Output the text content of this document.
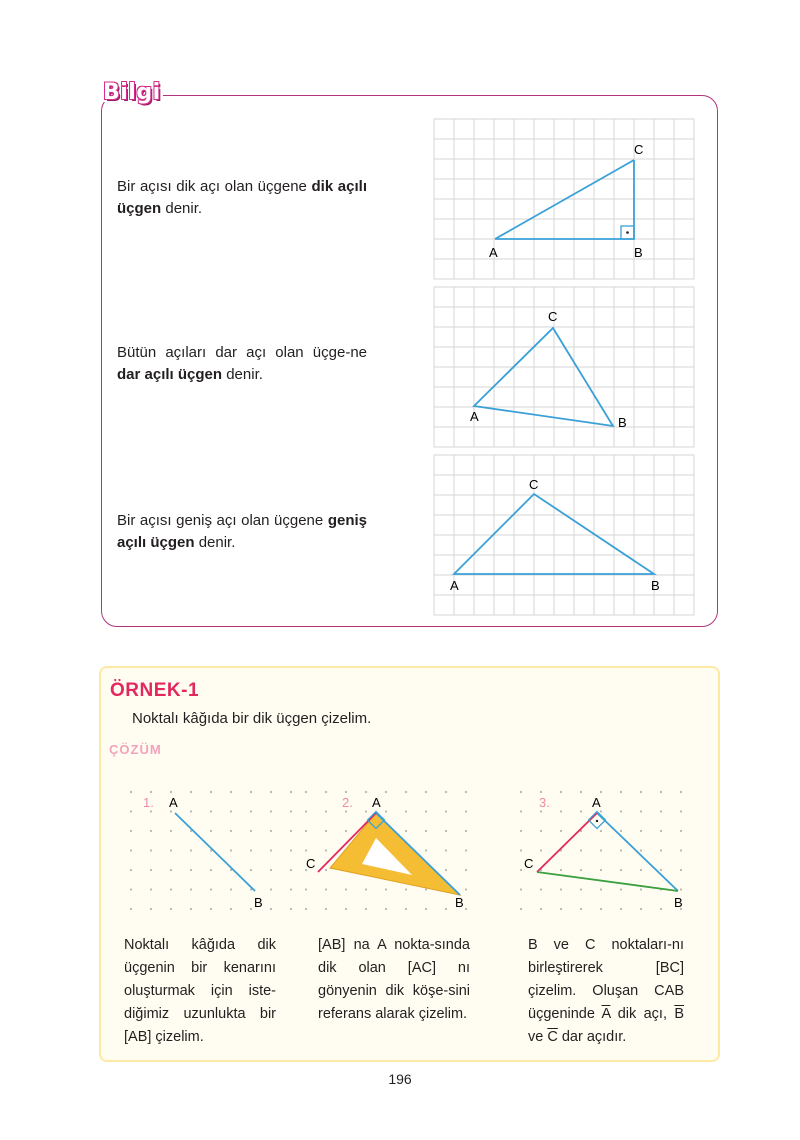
Bilgi
Bir açısı dik açı olan üçgene dik açılı üçgen denir.
Bütün açıları dar açı olan üçge-ne dar açılı üçgen denir.
Bir açısı geniş açı olan üçgene geniş açılı üçgen denir.
A	B
C
A	B
C
A	B
C
ÖRNEK-1
Noktalı kâğıda bir dik üçgen çizelim.
ÇÖZÜM
1. A
B
2. A
C
B
3.	A
C
B
Noktalı kâğıda dik üçgenin bir kenarını oluşturmak için iste-diğimiz uzunlukta bir [AB] çizelim.
[AB] na A nokta-sında dik olan [AC] nı gönyenin dik köşe-sini referans alarak çizelim.
B ve C noktaları-nı birleştirerek [BC] çizelim. Oluşan CAB üçgeninde $\overline{A}$ dik açı, $\overline{B}$ ve $\overline{C}$ dar açıdır.
196
